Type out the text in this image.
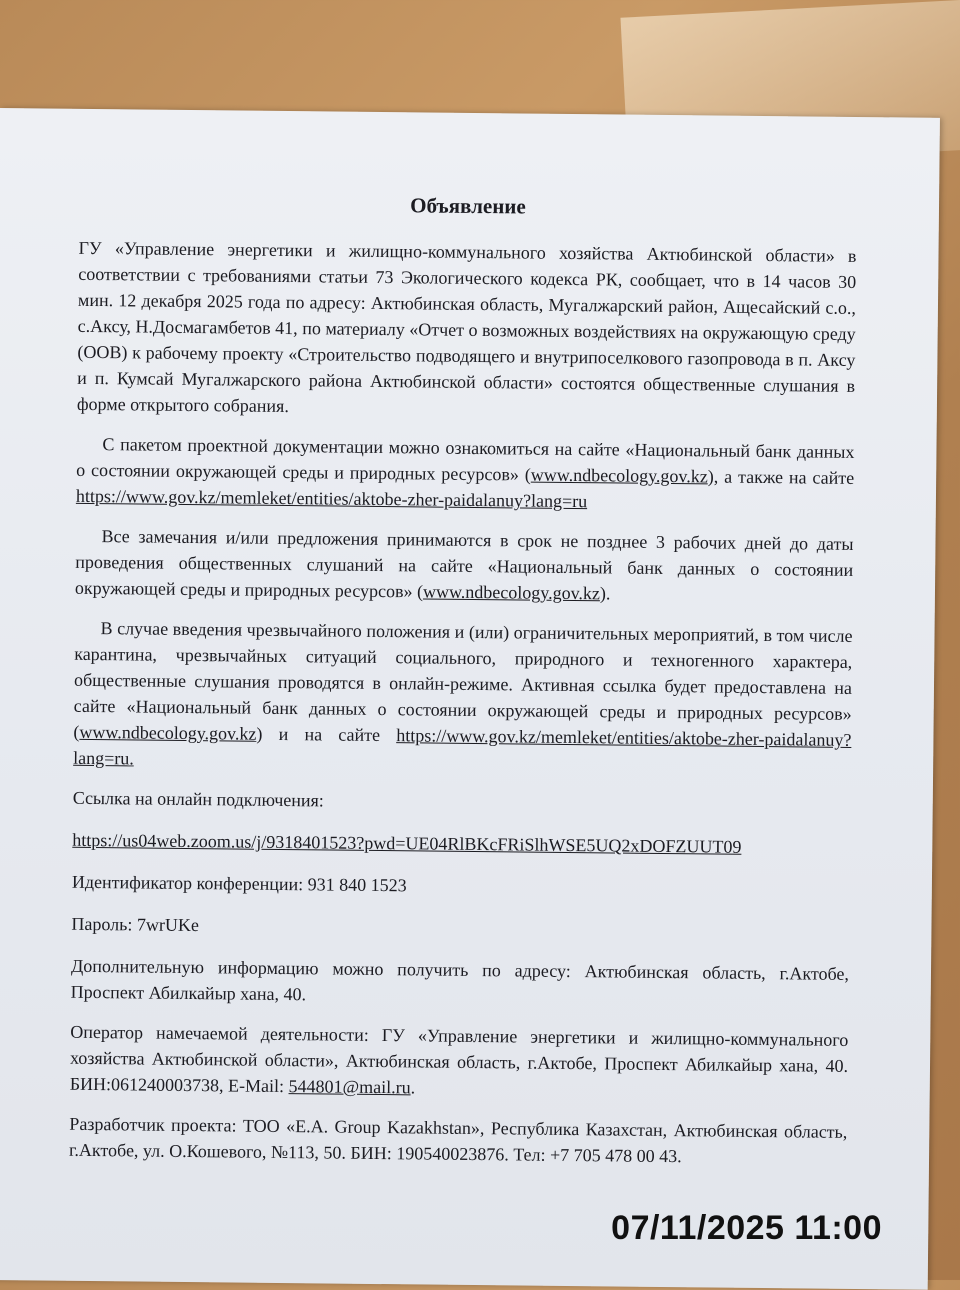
Объявление

ГУ «Управление энергетики и жилищно-коммунального хозяйства Актюбинской области» в соответствии с требованиями статьи 73 Экологического кодекса РК, сообщает, что в 14 часов 30 мин. 12 декабря 2025 года по адресу: Актюбинская область, Мугалжарский район, Ащесайский с.о., с.Аксу, Н.Досмагамбетов 41, по материалу «Отчет о возможных воздействиях на окружающую среду (ООВ) к рабочему проекту «Строительство подводящего и внутрипоселкового газопровода в п. Аксу и п. Кумсай Мугалжарского района Актюбинской области» состоятся общественные слушания в форме открытого собрания.

С пакетом проектной документации можно ознакомиться на сайте «Национальный банк данных о состоянии окружающей среды и природных ресурсов» (www.ndbecology.gov.kz), а также на сайте https://www.gov.kz/memleket/entities/aktobe-zher-paidalanuy?lang=ru

Все замечания и/или предложения принимаются в срок не позднее 3 рабочих дней до даты проведения общественных слушаний на сайте «Национальный банк данных о состоянии окружающей среды и природных ресурсов» (www.ndbecology.gov.kz).

В случае введения чрезвычайного положения и (или) ограничительных мероприятий, в том числе карантина, чрезвычайных ситуаций социального, природного и техногенного характера, общественные слушания проводятся в онлайн-режиме. Активная ссылка будет предоставлена на сайте «Национальный банк данных о состоянии окружающей среды и природных ресурсов» (www.ndbecology.gov.kz) и на сайте https://www.gov.kz/memleket/entities/aktobe-zher-paidalanuy?lang=ru.

Ссылка на онлайн подключения:
https://us04web.zoom.us/j/9318401523?pwd=UE04RlBKcFRiSlhWSE5UQ2xDOFZUUT09
Идентификатор конференции: 931 840 1523
Пароль: 7wrUKe

Дополнительную информацию можно получить по адресу: Актюбинская область, г.Актобе, Проспект Абилкайыр хана, 40.

Оператор намечаемой деятельности: ГУ «Управление энергетики и жилищно-коммунального хозяйства Актюбинской области», Актюбинская область, г.Актобе, Проспект Абилкайыр хана, 40. БИН:061240003738, E-Mail: 544801@mail.ru.

Разработчик проекта: ТОО «E.A. Group Kazakhstan», Республика Казахстан, Актюбинская область, г.Актобе, ул. О.Кошевого, №113, 50. БИН: 190540023876. Тел: +7 705 478 00 43.

07/11/2025 11:00
